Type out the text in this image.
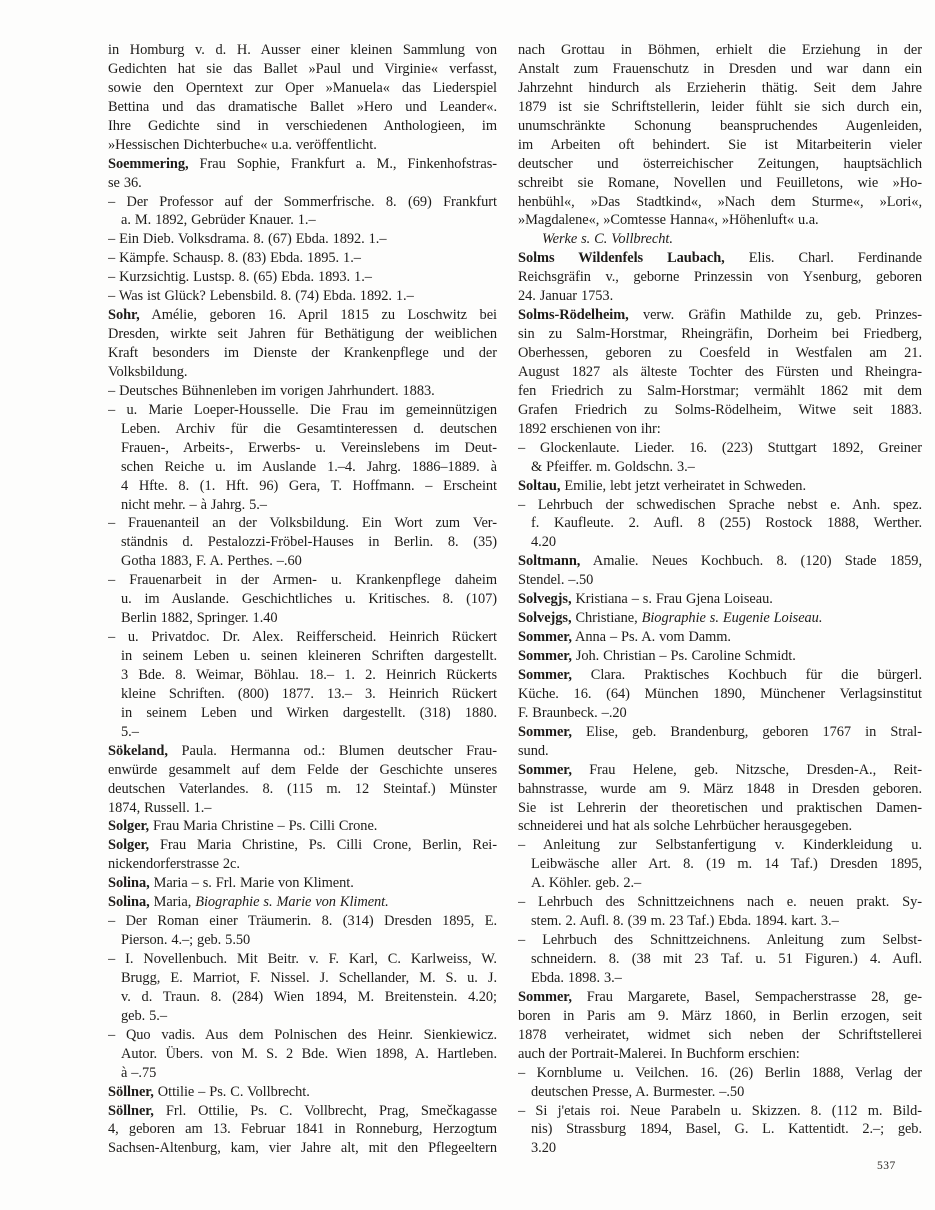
in Homburg v. d. H. Ausser einer kleinen Sammlung von
Gedichten hat sie das Ballet »Paul und Virginie« verfasst,
sowie den Operntext zur Oper »Manuela« das Liederspiel
Bettina und das dramatische Ballet »Hero und Leander«.
Ihre Gedichte sind in verschiedenen Anthologieen, im
»Hessischen Dichterbuche« u.a. veröffentlicht.
Soemmering, Frau Sophie, Frankfurt a. M., Finkenhofstras-
se 36.
– Der Professor auf der Sommerfrische. 8. (69) Frankfurt
a. M. 1892, Gebrüder Knauer. 1.–
– Ein Dieb. Volksdrama. 8. (67) Ebda. 1892. 1.–
– Kämpfe. Schausp. 8. (83) Ebda. 1895. 1.–
– Kurzsichtig. Lustsp. 8. (65) Ebda. 1893. 1.–
– Was ist Glück? Lebensbild. 8. (74) Ebda. 1892. 1.–
Sohr, Amélie, geboren 16. April 1815 zu Loschwitz bei
Dresden, wirkte seit Jahren für Bethätigung der weiblichen
Kraft besonders im Dienste der Krankenpflege und der
Volksbildung.
– Deutsches Bühnenleben im vorigen Jahrhundert. 1883.
– u. Marie Loeper-Housselle. Die Frau im gemeinnützigen
Leben. Archiv für die Gesamtinteressen d. deutschen
Frauen-, Arbeits-, Erwerbs- u. Vereinslebens im Deut-
schen Reiche u. im Auslande 1.–4. Jahrg. 1886–1889. à
4 Hfte. 8. (1. Hft. 96) Gera, T. Hoffmann. – Erscheint
nicht mehr. – à Jahrg. 5.–
– Frauenanteil an der Volksbildung. Ein Wort zum Ver-
ständnis d. Pestalozzi-Fröbel-Hauses in Berlin. 8. (35)
Gotha 1883, F. A. Perthes. –.60
– Frauenarbeit in der Armen- u. Krankenpflege daheim
u. im Auslande. Geschichtliches u. Kritisches. 8. (107)
Berlin 1882, Springer. 1.40
– u. Privatdoc. Dr. Alex. Reifferscheid. Heinrich Rückert
in seinem Leben u. seinen kleineren Schriften dargestellt.
3 Bde. 8. Weimar, Böhlau. 18.– 1. 2. Heinrich Rückerts
kleine Schriften. (800) 1877. 13.– 3. Heinrich Rückert
in seinem Leben und Wirken dargestellt. (318) 1880.
5.–
Sökeland, Paula. Hermanna od.: Blumen deutscher Frau-
enwürde gesammelt auf dem Felde der Geschichte unseres
deutschen Vaterlandes. 8. (115 m. 12 Steintaf.) Münster
1874, Russell. 1.–
Solger, Frau Maria Christine – Ps. Cilli Crone.
Solger, Frau Maria Christine, Ps. Cilli Crone, Berlin, Rei-
nickendorferstrasse 2c.
Solina, Maria – s. Frl. Marie von Kliment.
Solina, Maria, Biographie s. Marie von Kliment.
– Der Roman einer Träumerin. 8. (314) Dresden 1895, E.
Pierson. 4.–; geb. 5.50
– I. Novellenbuch. Mit Beitr. v. F. Karl, C. Karlweiss, W.
Brugg, E. Marriot, F. Nissel. J. Schellander, M. S. u. J.
v. d. Traun. 8. (284) Wien 1894, M. Breitenstein. 4.20;
geb. 5.–
– Quo vadis. Aus dem Polnischen des Heinr. Sienkiewicz.
Autor. Übers. von M. S. 2 Bde. Wien 1898, A. Hartleben.
à –.75
Söllner, Ottilie – Ps. C. Vollbrecht.
Söllner, Frl. Ottilie, Ps. C. Vollbrecht, Prag, Smečkagasse
4, geboren am 13. Februar 1841 in Ronneburg, Herzogtum
Sachsen-Altenburg, kam, vier Jahre alt, mit den Pflegeeltern
nach Grottau in Böhmen, erhielt die Erziehung in der
Anstalt zum Frauenschutz in Dresden und war dann ein
Jahrzehnt hindurch als Erzieherin thätig. Seit dem Jahre
1879 ist sie Schriftstellerin, leider fühlt sie sich durch ein,
unumschränkte Schonung beanspruchendes Augenleiden,
im Arbeiten oft behindert. Sie ist Mitarbeiterin vieler
deutscher und österreichischer Zeitungen, hauptsächlich
schreibt sie Romane, Novellen und Feuilletons, wie »Ho-
henbühl«, »Das Stadtkind«, »Nach dem Sturme«, »Lori«,
»Magdalene«, »Comtesse Hanna«, »Höhenluft« u.a.
Werke s. C. Vollbrecht.
Solms Wildenfels Laubach, Elis. Charl. Ferdinande
Reichsgräfin v., geborne Prinzessin von Ysenburg, geboren
24. Januar 1753.
Solms-Rödelheim, verw. Gräfin Mathilde zu, geb. Prinzes-
sin zu Salm-Horstmar, Rheingräfin, Dorheim bei Friedberg,
Oberhessen, geboren zu Coesfeld in Westfalen am 21.
August 1827 als älteste Tochter des Fürsten und Rheingra-
fen Friedrich zu Salm-Horstmar; vermählt 1862 mit dem
Grafen Friedrich zu Solms-Rödelheim, Witwe seit 1883.
1892 erschienen von ihr:
– Glockenlaute. Lieder. 16. (223) Stuttgart 1892, Greiner
& Pfeiffer. m. Goldschn. 3.–
Soltau, Emilie, lebt jetzt verheiratet in Schweden.
– Lehrbuch der schwedischen Sprache nebst e. Anh. spez.
f. Kaufleute. 2. Aufl. 8 (255) Rostock 1888, Werther.
4.20
Soltmann, Amalie. Neues Kochbuch. 8. (120) Stade 1859,
Stendel. –.50
Solvegjs, Kristiana – s. Frau Gjena Loiseau.
Solvejgs, Christiane, Biographie s. Eugenie Loiseau.
Sommer, Anna – Ps. A. vom Damm.
Sommer, Joh. Christian – Ps. Caroline Schmidt.
Sommer, Clara. Praktisches Kochbuch für die bürgerl.
Küche. 16. (64) München 1890, Münchener Verlagsinstitut
F. Braunbeck. –.20
Sommer, Elise, geb. Brandenburg, geboren 1767 in Stral-
sund.
Sommer, Frau Helene, geb. Nitzsche, Dresden-A., Reit-
bahnstrasse, wurde am 9. März 1848 in Dresden geboren.
Sie ist Lehrerin der theoretischen und praktischen Damen-
schneiderei und hat als solche Lehrbücher herausgegeben.
– Anleitung zur Selbstanfertigung v. Kinderkleidung u.
Leibwäsche aller Art. 8. (19 m. 14 Taf.) Dresden 1895,
A. Köhler. geb. 2.–
– Lehrbuch des Schnittzeichnens nach e. neuen prakt. Sy-
stem. 2. Aufl. 8. (39 m. 23 Taf.) Ebda. 1894. kart. 3.–
– Lehrbuch des Schnittzeichnens. Anleitung zum Selbst-
schneidern. 8. (38 mit 23 Taf. u. 51 Figuren.) 4. Aufl.
Ebda. 1898. 3.–
Sommer, Frau Margarete, Basel, Sempacherstrasse 28, ge-
boren in Paris am 9. März 1860, in Berlin erzogen, seit
1878 verheiratet, widmet sich neben der Schriftstellerei
auch der Portrait-Malerei. In Buchform erschien:
– Kornblume u. Veilchen. 16. (26) Berlin 1888, Verlag der
deutschen Presse, A. Burmester. –.50
– Si j'etais roi. Neue Parabeln u. Skizzen. 8. (112 m. Bild-
nis) Strassburg 1894, Basel, G. L. Kattentidt. 2.–; geb.
3.20
537
